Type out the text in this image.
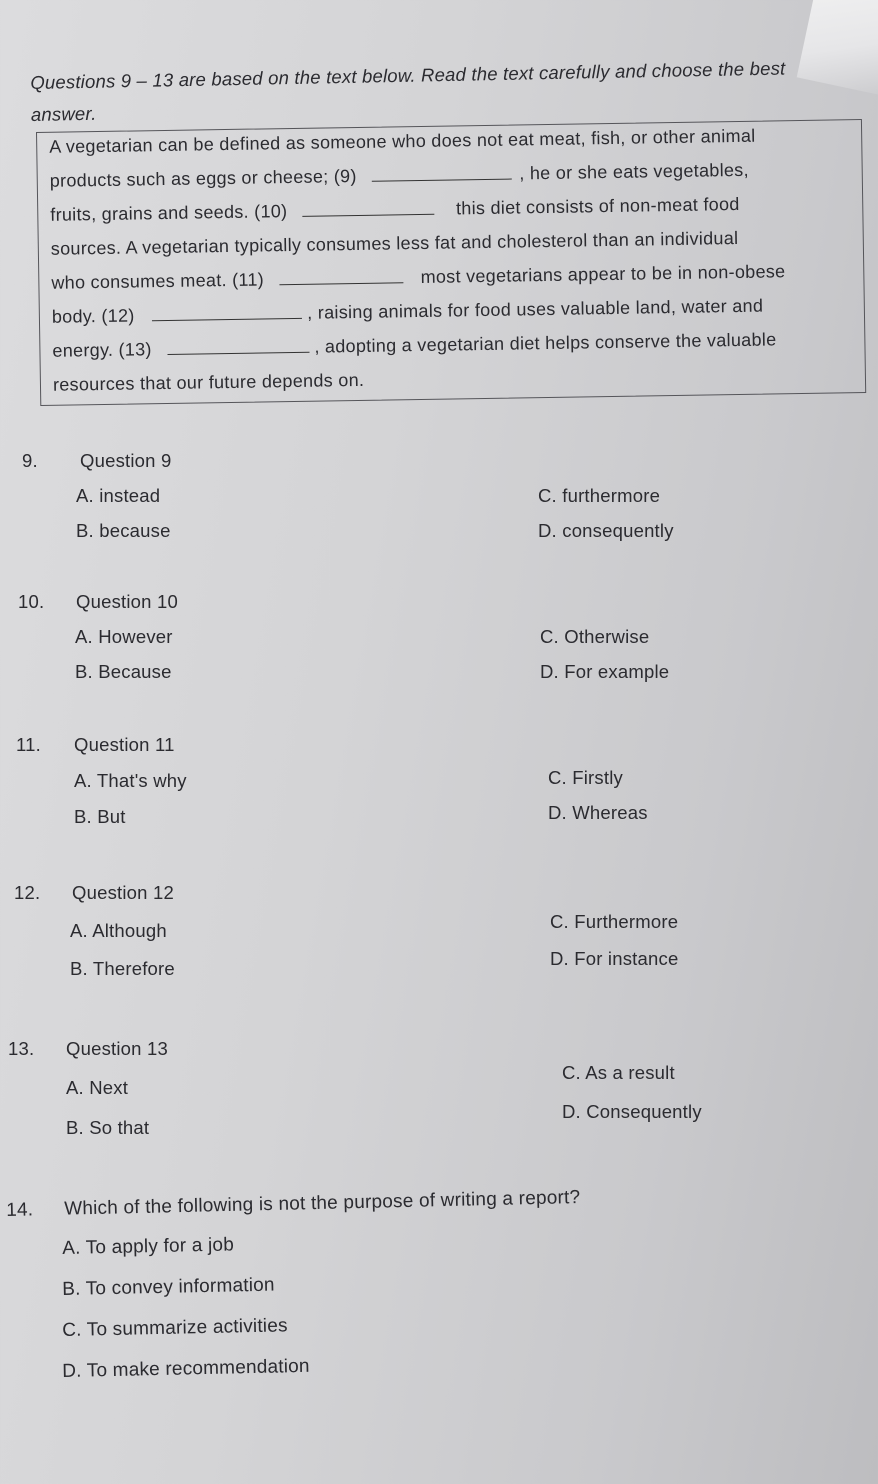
Questions 9 – 13 are based on the text below. Read the text carefully and choose the best
answer.
A vegetarian can be defined as someone who does not eat meat, fish, or other animal
products such as eggs or cheese; (9)	, he or she eats vegetables,
fruits, grains and seeds. (10)	this diet consists of non-meat food
sources. A vegetarian typically consumes less fat and cholesterol than an individual
who consumes meat. (11)	most vegetarians appear to be in non-obese
body. (12)	, raising animals for food uses valuable land, water and
energy. (13)	, adopting a vegetarian diet helps conserve the valuable
resources that our future depends on.
9. Question 9
A. instead
B. because
C. furthermore
D. consequently
10. Question 10
A. However
B. Because
C. Otherwise
D. For example
11. Question 11
A. That's why
B. But
C. Firstly
D. Whereas
12. Question 12
A. Although
B. Therefore
C. Furthermore
D. For instance
13. Question 13
A. Next
B. So that
C. As a result
D. Consequently
14. Which of the following is not the purpose of writing a report?
A. To apply for a job
B. To convey information
C. To summarize activities
D. To make recommendation
